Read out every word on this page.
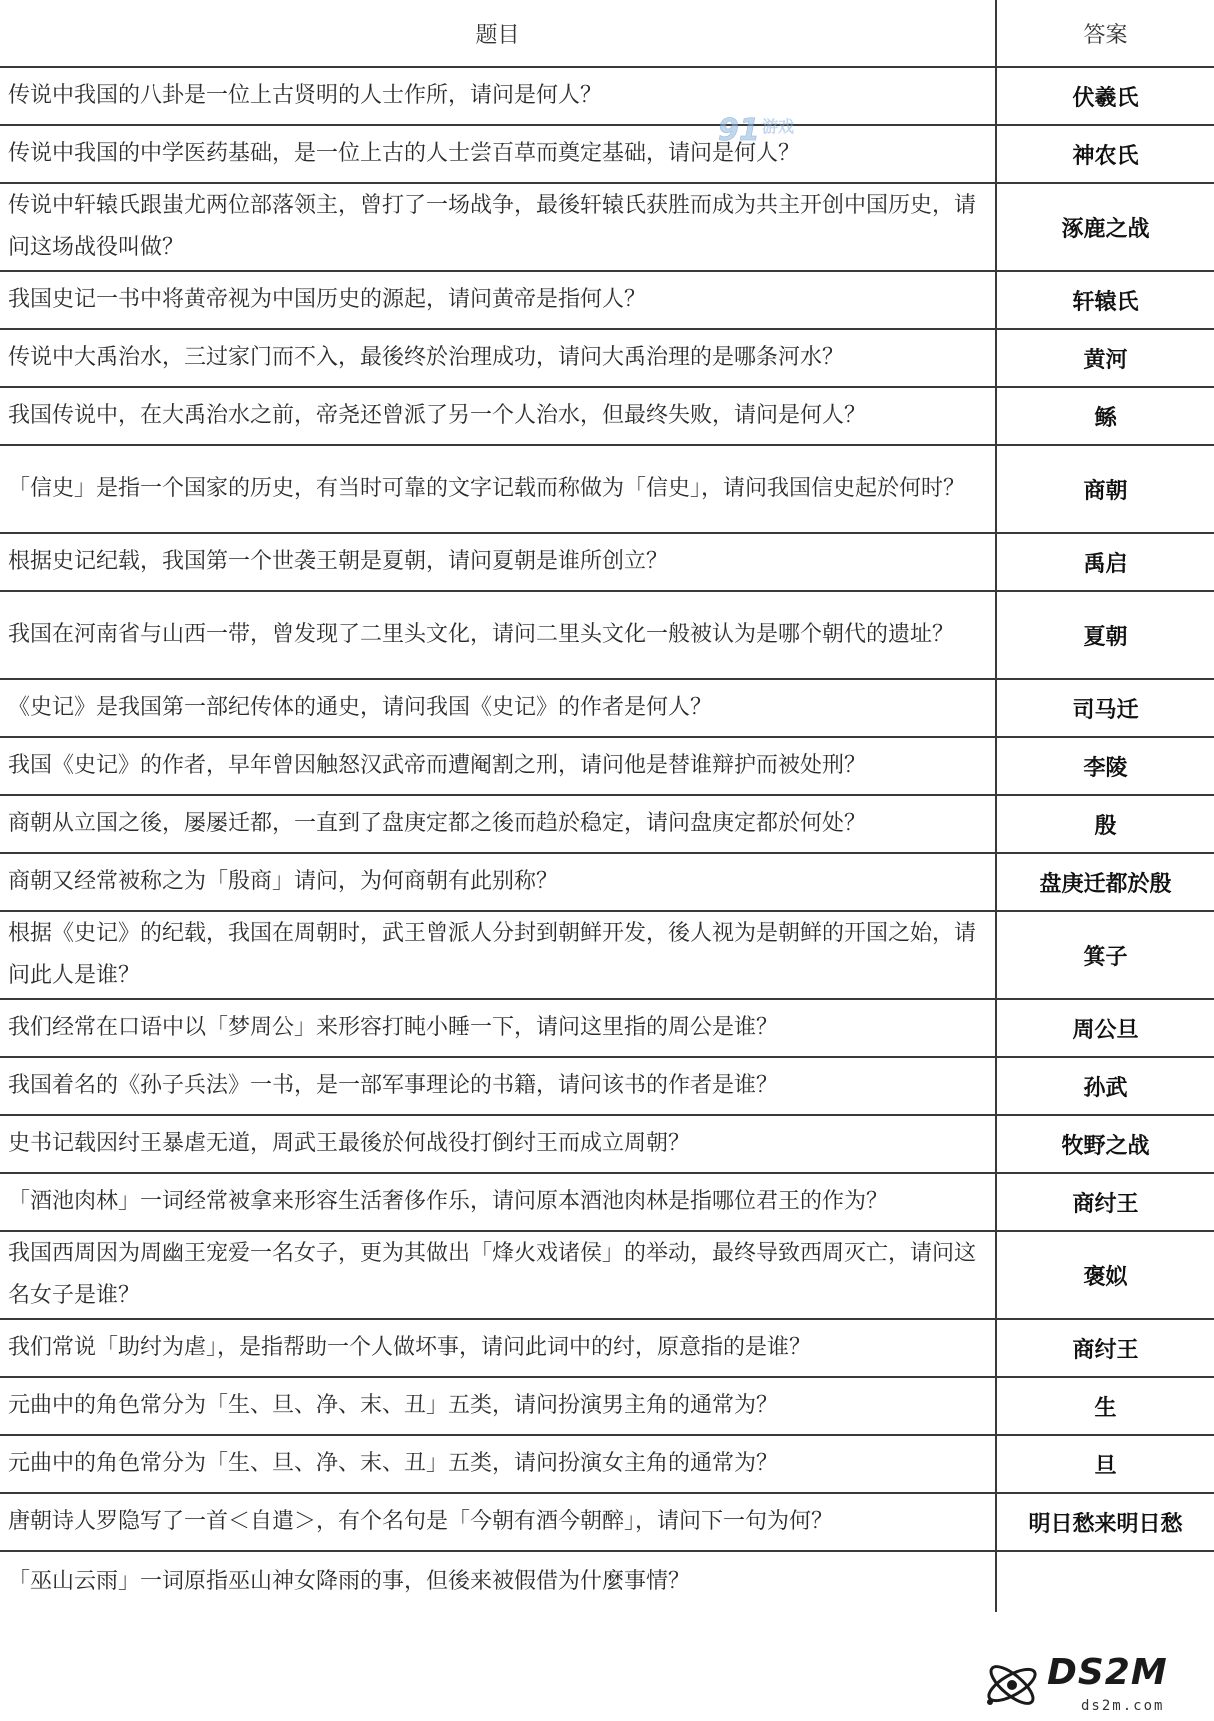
题目	答案
传说中我国的八卦是一位上古贤明的人士作所，请问是何人？	伏羲氏
传说中我国的中学医药基础，是一位上古的人士尝百草而奠定基础，请问是何人？	神农氏
传说中轩辕氏跟蚩尤两位部落领主，曾打了一场战争，最後轩辕氏获胜而成为共主开创中国历史，请问这场战役叫做？	涿鹿之战
我国史记一书中将黄帝视为中国历史的源起，请问黄帝是指何人？	轩辕氏
传说中大禹治水，三过家门而不入，最後终於治理成功，请问大禹治理的是哪条河水？	黄河
我国传说中，在大禹治水之前，帝尧还曾派了另一个人治水，但最终失败，请问是何人？	鲧
「信史」是指一个国家的历史，有当时可靠的文字记载而称做为「信史」，请问我国信史起於何时？	商朝
根据史记纪载，我国第一个世袭王朝是夏朝，请问夏朝是谁所创立？	禹启
我国在河南省与山西一带，曾发现了二里头文化，请问二里头文化一般被认为是哪个朝代的遗址？	夏朝
《史记》是我国第一部纪传体的通史，请问我国《史记》的作者是何人？	司马迁
我国《史记》的作者，早年曾因触怒汉武帝而遭阉割之刑，请问他是替谁辩护而被处刑？	李陵
商朝从立国之後，屡屡迁都，一直到了盘庚定都之後而趋於稳定，请问盘庚定都於何处？	殷
商朝又经常被称之为「殷商」请问，为何商朝有此别称？	盘庚迁都於殷
根据《史记》的纪载，我国在周朝时，武王曾派人分封到朝鲜开发，後人视为是朝鲜的开国之始，请问此人是谁？	箕子
我们经常在口语中以「梦周公」来形容打盹小睡一下，请问这里指的周公是谁？	周公旦
我国着名的《孙子兵法》一书，是一部军事理论的书籍，请问该书的作者是谁？	孙武
史书记载因纣王暴虐无道，周武王最後於何战役打倒纣王而成立周朝？	牧野之战
「酒池肉林」一词经常被拿来形容生活奢侈作乐，请问原本酒池肉林是指哪位君王的作为？	商纣王
我国西周因为周幽王宠爱一名女子，更为其做出「烽火戏诸侯」的举动，最终导致西周灭亡，请问这名女子是谁？	褒姒
我们常说「助纣为虐」，是指帮助一个人做坏事，请问此词中的纣，原意指的是谁？	商纣王
元曲中的角色常分为「生、旦、净、末、丑」五类，请问扮演男主角的通常为？	生
元曲中的角色常分为「生、旦、净、末、丑」五类，请问扮演女主角的通常为？	旦
唐朝诗人罗隐写了一首＜自遣＞，有个名句是「今朝有酒今朝醉」，请问下一句为何？	明日愁来明日愁
「巫山云雨」一词原指巫山神女降雨的事，但後来被假借为什麼事情？	
91 游戏
DS2M
ds2m.com
